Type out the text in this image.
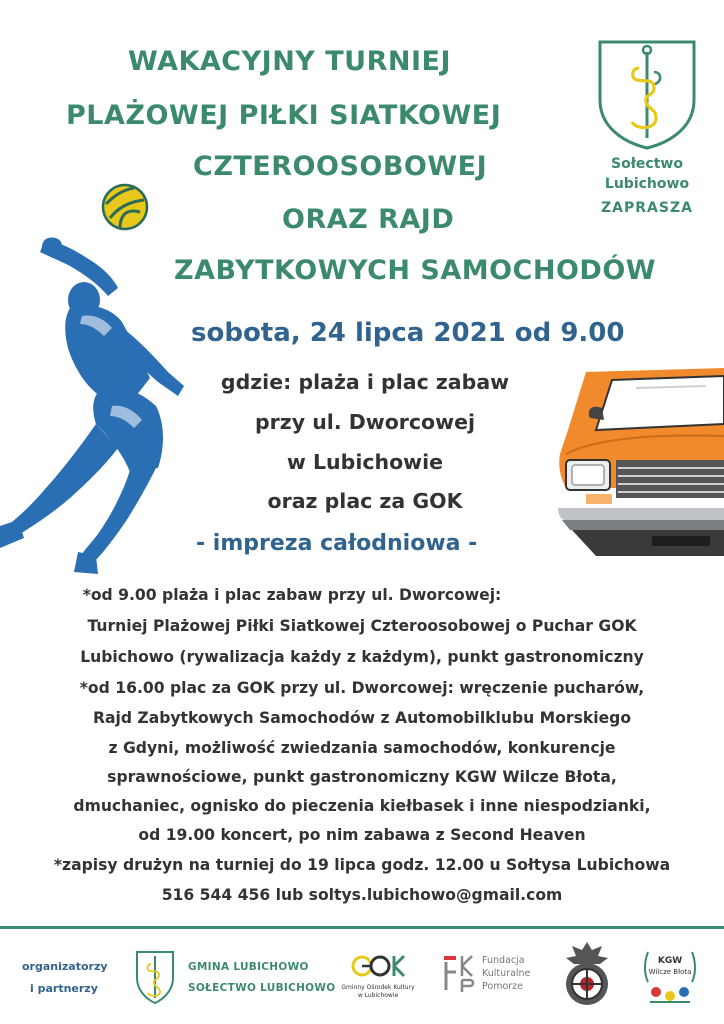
WAKACYJNY TURNIEJ
PLAŻOWEJ PIŁKI SIATKOWEJ
CZTEROOSOBOWEJ
ORAZ RAJD
ZABYTKOWYCH SAMOCHODÓW
Sołectwo
Lubichowo
ZAPRASZA
sobota, 24 lipca 2021 od 9.00
gdzie: plaża i plac zabaw
przy ul. Dworcowej
w Lubichowie
oraz plac za GOK
- impreza całodniowa -
*od 9.00 plaża i plac zabaw przy ul. Dworcowej:
Turniej Plażowej Piłki Siatkowej Czteroosobowej o Puchar GOK
Lubichowo (rywalizacja każdy z każdym), punkt gastronomiczny
*od 16.00 plac za GOK przy ul. Dworcowej: wręczenie pucharów,
Rajd Zabytkowych Samochodów z Automobilklubu Morskiego
z Gdyni, możliwość zwiedzania samochodów, konkurencje
sprawnościowe, punkt gastronomiczny KGW Wilcze Błota,
dmuchaniec, ognisko do pieczenia kiełbasek i inne niespodzianki,
od 19.00 koncert, po nim zabawa z Second Heaven
*zapisy drużyn na turniej do 19 lipca godz. 12.00 u Sołtysa Lubichowa
516 544 456 lub soltys.lubichowo@gmail.com
organizatorzy
i partnerzy
GMINA LUBICHOWO
SOŁECTWO LUBICHOWO Gminny Ośrodek Kultury
w Lubichowie
Fundacja
Kulturalne
Pomorze
KGW
Wilcze Błota
